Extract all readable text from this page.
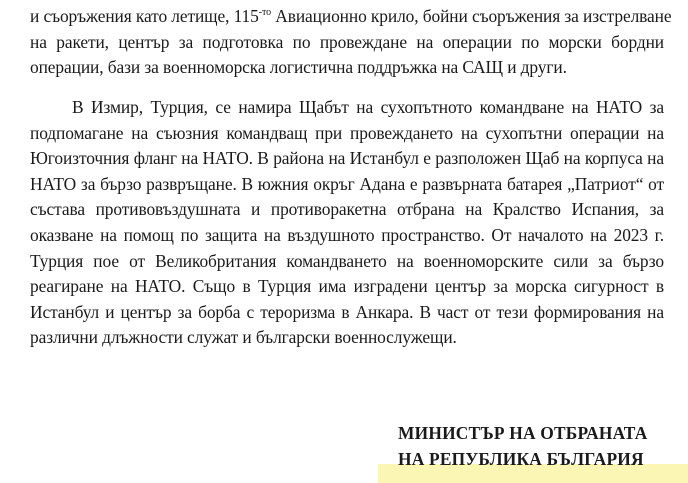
и съоръжения като летище, $115^{-то}$ Авиационно крило, бойни съоръжения за изстрелване
на ракети, център за подготовка по провеждане на операции по морски бордни
операции, бази за военноморска логистична поддръжка на САЩ и други.
В Измир, Турция, се намира Щабът на сухопътното командване на НАТО за
подпомагане на съюзния командващ при провеждането на сухопътни операции на
Югоизточния фланг на НАТО. В района на Истанбул е разположен Щаб на корпуса на
НАТО за бързо развръщане. В южния окръг Адана е развърната батарея „Патриот“ от
състава противовъздушната и противоракетна отбрана на Кралство Испания, за
оказване на помощ по защита на въздушното пространство. От началото на 2023 г.
Турция пое от Великобритания командването на военноморските сили за бързо
реагиране на НАТО. Също в Турция има изградени център за морска сигурност в
Истанбул и център за борба с тероризма в Анкара. В част от тези формирования на
различни длъжности служат и български военнослужещи.
МИНИСТЪР НА ОТБРАНАТА
НА РЕПУБЛИКА БЪЛГАРИЯ
